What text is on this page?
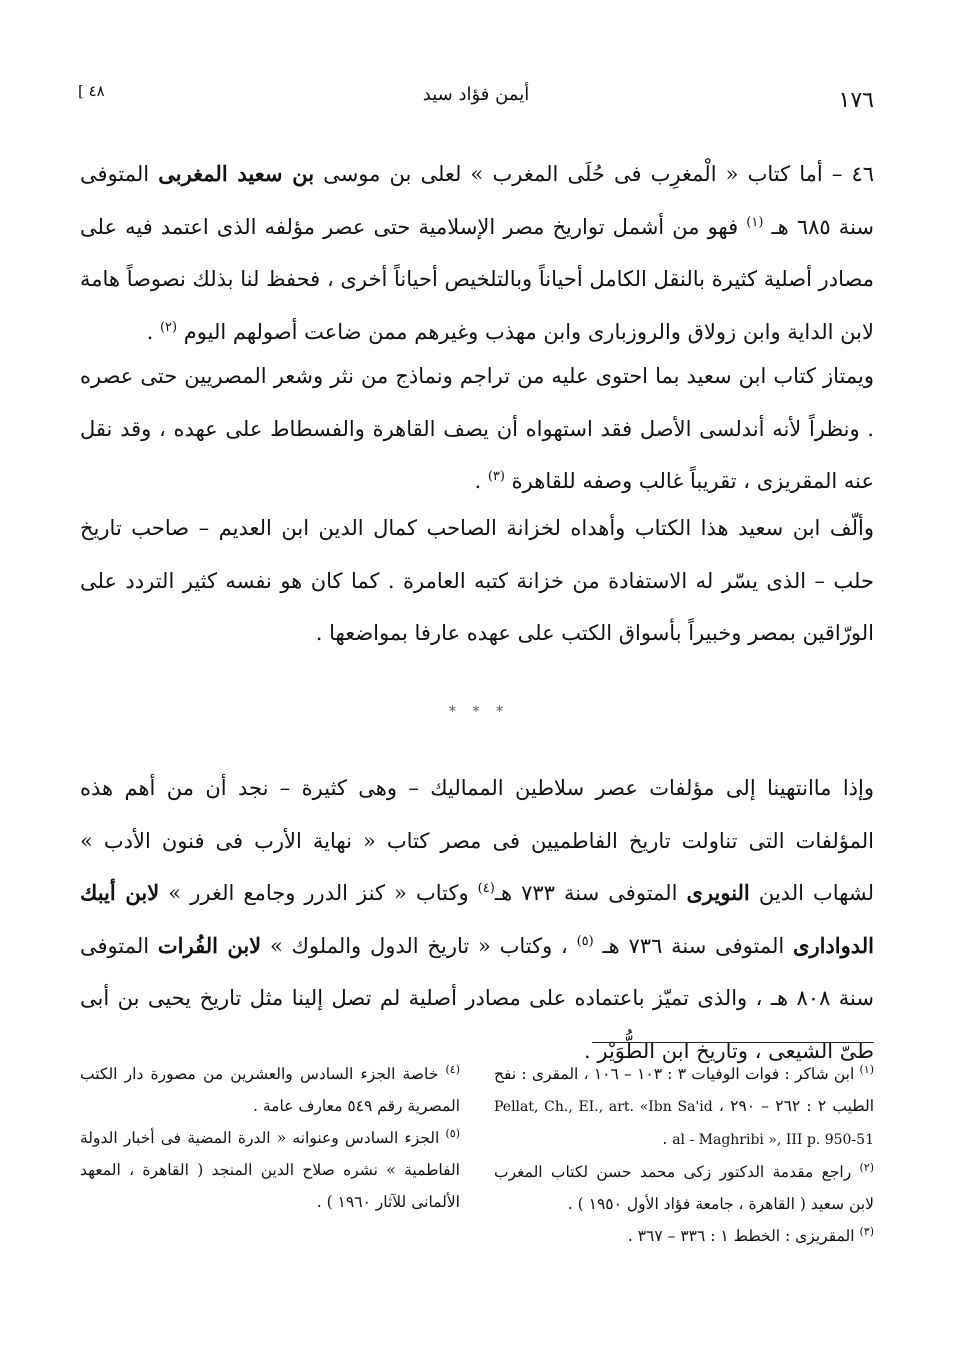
[ ٤٨	أيمن فؤاد سيد	١٧٦

٤٦ – أما كتاب « الْمغرِب فى حُلَى المغرب » لعلى بن موسى بن سعيد المغربى المتوفى سنة ٦٨٥ هـ $^{(١)}$ فهو من أشمل تواريخ مصر الإسلامية حتى عصر مؤلفه الذى اعتمد فيه على مصادر أصلية كثيرة بالنقل الكامل أحياناً وبالتلخيص أحياناً أخرى ، فحفظ لنا بذلك نصوصاً هامة لابن الداية وابن زولاق والروزبارى وابن مهذب وغيرهم ممن ضاعت أصولهم اليوم $^{(٢)}$ .

ويمتاز كتاب ابن سعيد بما احتوى عليه من تراجم ونماذج من نثر وشعر المصريين حتى عصره . ونظراً لأنه أندلسى الأصل فقد استهواه أن يصف القاهرة والفسطاط على عهده ، وقد نقل عنه المقريزى ، تقريباً غالب وصفه للقاهرة $^{(٣)}$ .

وألّف ابن سعيد هذا الكتاب وأهداه لخزانة الصاحب كمال الدين ابن العديم – صاحب تاريخ حلب – الذى يسّر له الاستفادة من خزانة كتبه العامرة . كما كان هو نفسه كثير التردد على الورّاقين بمصر وخبيراً بأسواق الكتب على عهده عارفا بمواضعها .

* * *

وإذا ماانتهينا إلى مؤلفات عصر سلاطين المماليك – وهى كثيرة – نجد أن من أهم هذه المؤلفات التى تناولت تاريخ الفاطميين فى مصر كتاب « نهاية الأرب فى فنون الأدب » لشهاب الدين النويرى المتوفى سنة ٧٣٣ هـ$^{(٤)}$ وكتاب « كنز الدرر وجامع الغرر » لابن أيبك الدوادارى المتوفى سنة ٧٣٦ هـ $^{(٥)}$ ، وكتاب « تاريخ الدول والملوك » لابن الفُرات المتوفى سنة ٨٠٨ هـ ، والذى تميّز باعتماده على مصادر أصلية لم تصل إلينا مثل تاريخ يحيى بن أبى طىّ الشيعى ، وتاريخ ابن الطُّوَيْر .

$^{(١)}$ ابن شاكر : فوات الوفيات ٣ : ١٠٣ – ١٠٦ ، المقرى : نفح الطيب ٢ : ٢٦٢ – ٢٩٠ ، Pellat, Ch., EI., art. «Ibn Sa'id al - Maghribi », III p. 950-51 .

$^{(٢)}$ راجع مقدمة الدكتور زكى محمد حسن لكتاب المغرب لابن سعيد ( القاهرة ، جامعة فؤاد الأول ١٩٥٠ ) .

$^{(٣)}$ المقريزى : الخطط ١ : ٣٣٦ – ٣٦٧ .

$^{(٤)}$ خاصة الجزء السادس والعشرين من مصورة دار الكتب المصرية رقم ٥٤٩ معارف عامة .

$^{(٥)}$ الجزء السادس وعنوانه « الدرة المضية فى أخبار الدولة الفاطمية » نشره صلاح الدين المنجد ( القاهرة ، المعهد الألمانى للآثار ١٩٦٠ ) .
